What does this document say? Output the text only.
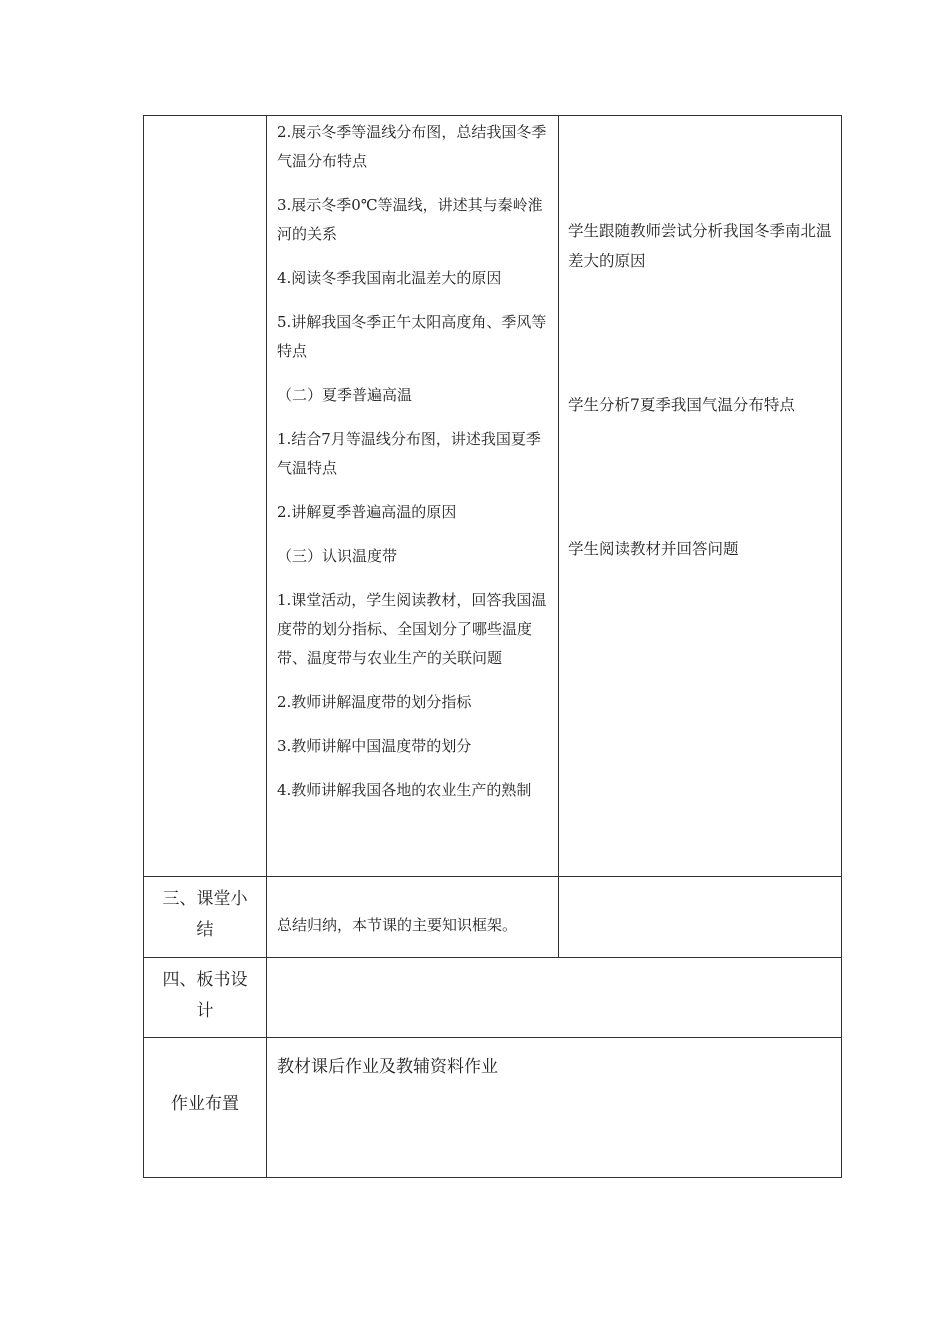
2.展示冬季等温线分布图，总结我国冬季气温分布特点

3.展示冬季0℃等温线，讲述其与秦岭淮河的关系

4.阅读冬季我国南北温差大的原因

5.讲解我国冬季正午太阳高度角、季风等特点

（二）夏季普遍高温

1.结合7月等温线分布图，讲述我国夏季气温特点

2.讲解夏季普遍高温的原因

（三）认识温度带

1.课堂活动，学生阅读教材，回答我国温度带的划分指标、全国划分了哪些温度带、温度带与农业生产的关联问题

2.教师讲解温度带的划分指标

3.教师讲解中国温度带的划分

4.教师讲解我国各地的农业生产的熟制

学生跟随教师尝试分析我国冬季南北温差大的原因
学生分析7夏季我国气温分布特点
学生阅读教材并回答问题
三、课堂小结	总结归纳，本节课的主要知识框架。
四、板书设计
作业布置
教材课后作业及教辅资料作业
